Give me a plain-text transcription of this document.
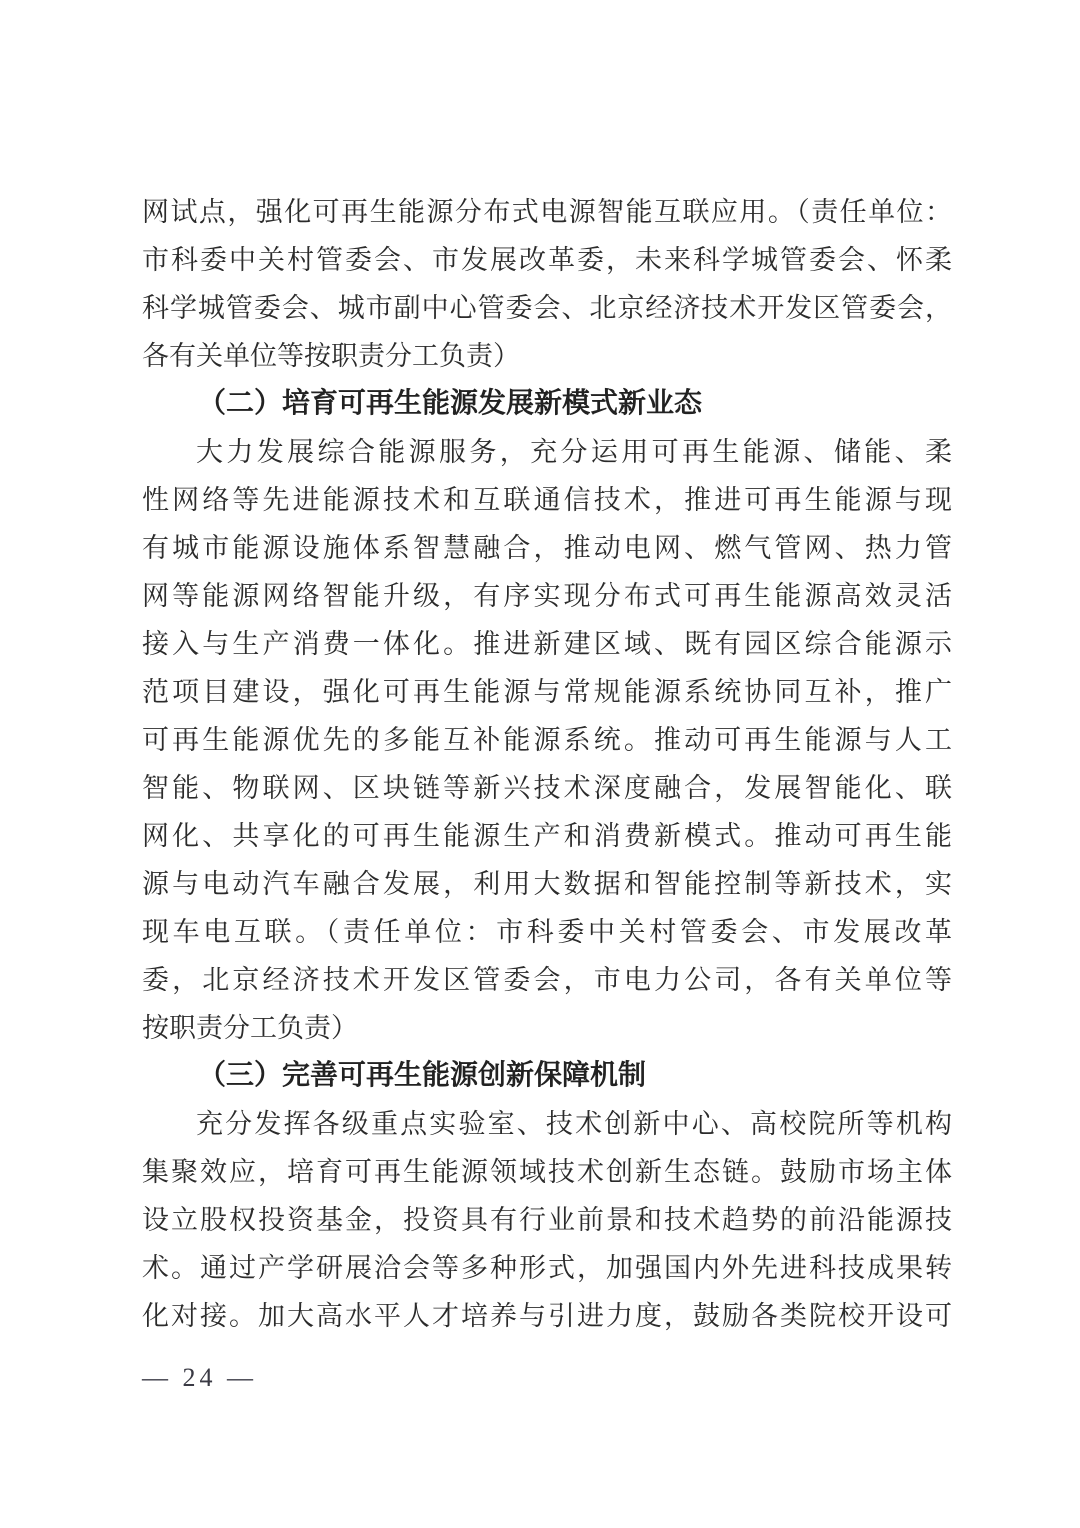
网试点，强化可再生能源分布式电源智能互联应用。（责任单位：
市科委中关村管委会、市发展改革委，未来科学城管委会、怀柔
科学城管委会、城市副中心管委会、北京经济技术开发区管委会，
各有关单位等按职责分工负责）
（二）培育可再生能源发展新模式新业态
大力发展综合能源服务，充分运用可再生能源、储能、柔
性网络等先进能源技术和互联通信技术，推进可再生能源与现
有城市能源设施体系智慧融合，推动电网、燃气管网、热力管
网等能源网络智能升级，有序实现分布式可再生能源高效灵活
接入与生产消费一体化。推进新建区域、既有园区综合能源示
范项目建设，强化可再生能源与常规能源系统协同互补，推广
可再生能源优先的多能互补能源系统。推动可再生能源与人工
智能、物联网、区块链等新兴技术深度融合，发展智能化、联
网化、共享化的可再生能源生产和消费新模式。推动可再生能
源与电动汽车融合发展，利用大数据和智能控制等新技术，实
现车电互联。（责任单位：市科委中关村管委会、市发展改革
委，北京经济技术开发区管委会，市电力公司，各有关单位等
按职责分工负责）
（三）完善可再生能源创新保障机制
充分发挥各级重点实验室、技术创新中心、高校院所等机构
集聚效应，培育可再生能源领域技术创新生态链。鼓励市场主体
设立股权投资基金，投资具有行业前景和技术趋势的前沿能源技
术。通过产学研展洽会等多种形式，加强国内外先进科技成果转
化对接。加大高水平人才培养与引进力度，鼓励各类院校开设可
— 24 —
